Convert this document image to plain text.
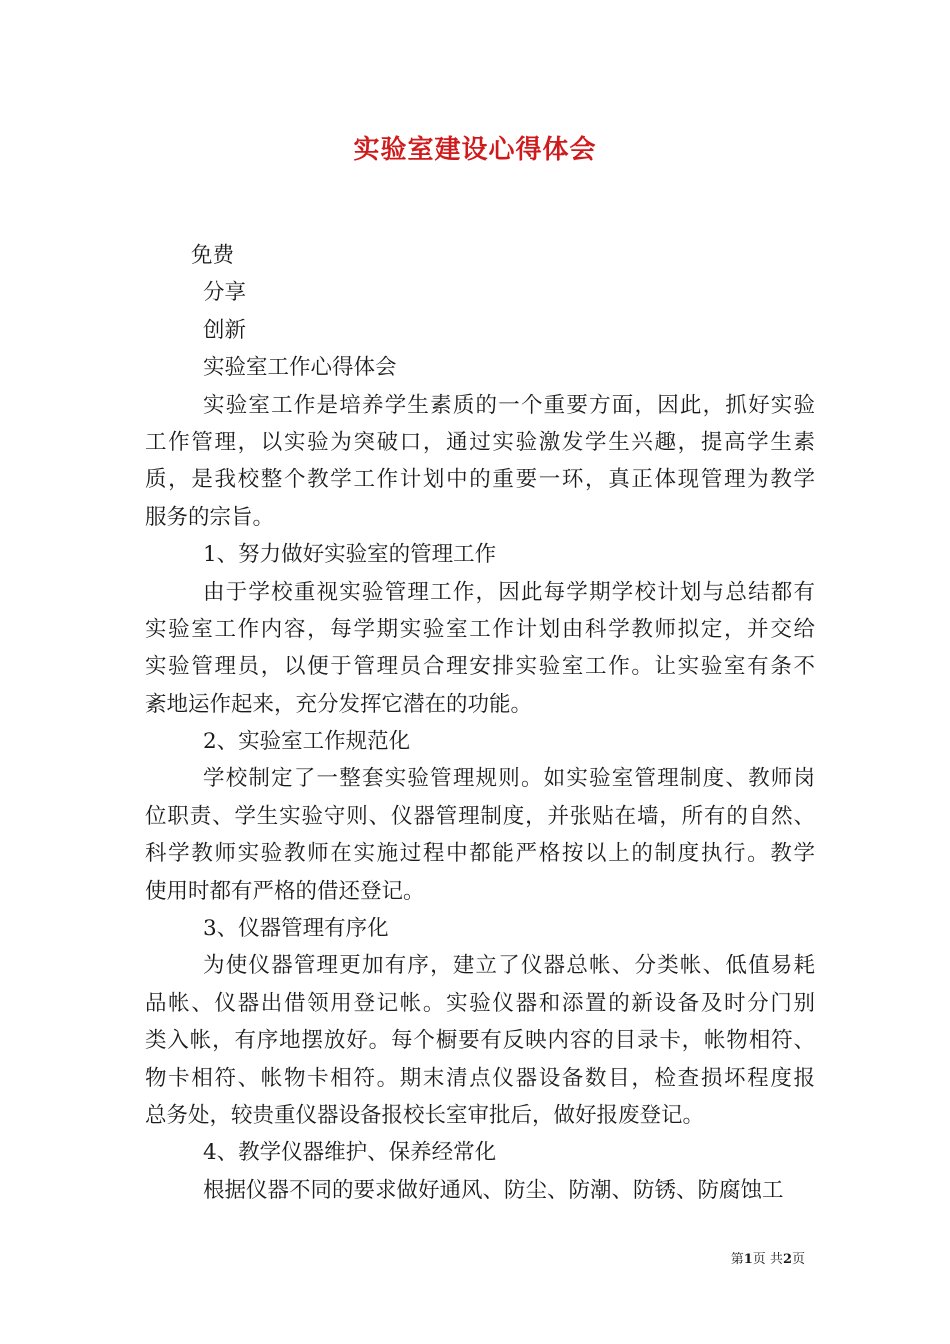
实验室建设心得体会
免费
分享
创新
实验室工作心得体会
实验室工作是培养学生素质的一个重要方面，因此，抓好实验
工作管理，以实验为突破口，通过实验激发学生兴趣，提高学生素
质，是我校整个教学工作计划中的重要一环，真正体现管理为教学
服务的宗旨。
1、努力做好实验室的管理工作
由于学校重视实验管理工作，因此每学期学校计划与总结都有
实验室工作内容，每学期实验室工作计划由科学教师拟定，并交给
实验管理员，以便于管理员合理安排实验室工作。让实验室有条不
紊地运作起来，充分发挥它潜在的功能。
2、实验室工作规范化
学校制定了一整套实验管理规则。如实验室管理制度、教师岗
位职责、学生实验守则、仪器管理制度，并张贴在墙，所有的自然、
科学教师实验教师在实施过程中都能严格按以上的制度执行。教学
使用时都有严格的借还登记。
3、仪器管理有序化
为使仪器管理更加有序，建立了仪器总帐、分类帐、低值易耗
品帐、仪器出借领用登记帐。实验仪器和添置的新设备及时分门别
类入帐，有序地摆放好。每个橱要有反映内容的目录卡，帐物相符、
物卡相符、帐物卡相符。期末清点仪器设备数目，检查损坏程度报
总务处，较贵重仪器设备报校长室审批后，做好报废登记。
4、教学仪器维护、保养经常化
根据仪器不同的要求做好通风、防尘、防潮、防锈、防腐蚀工
第1页 共2页
